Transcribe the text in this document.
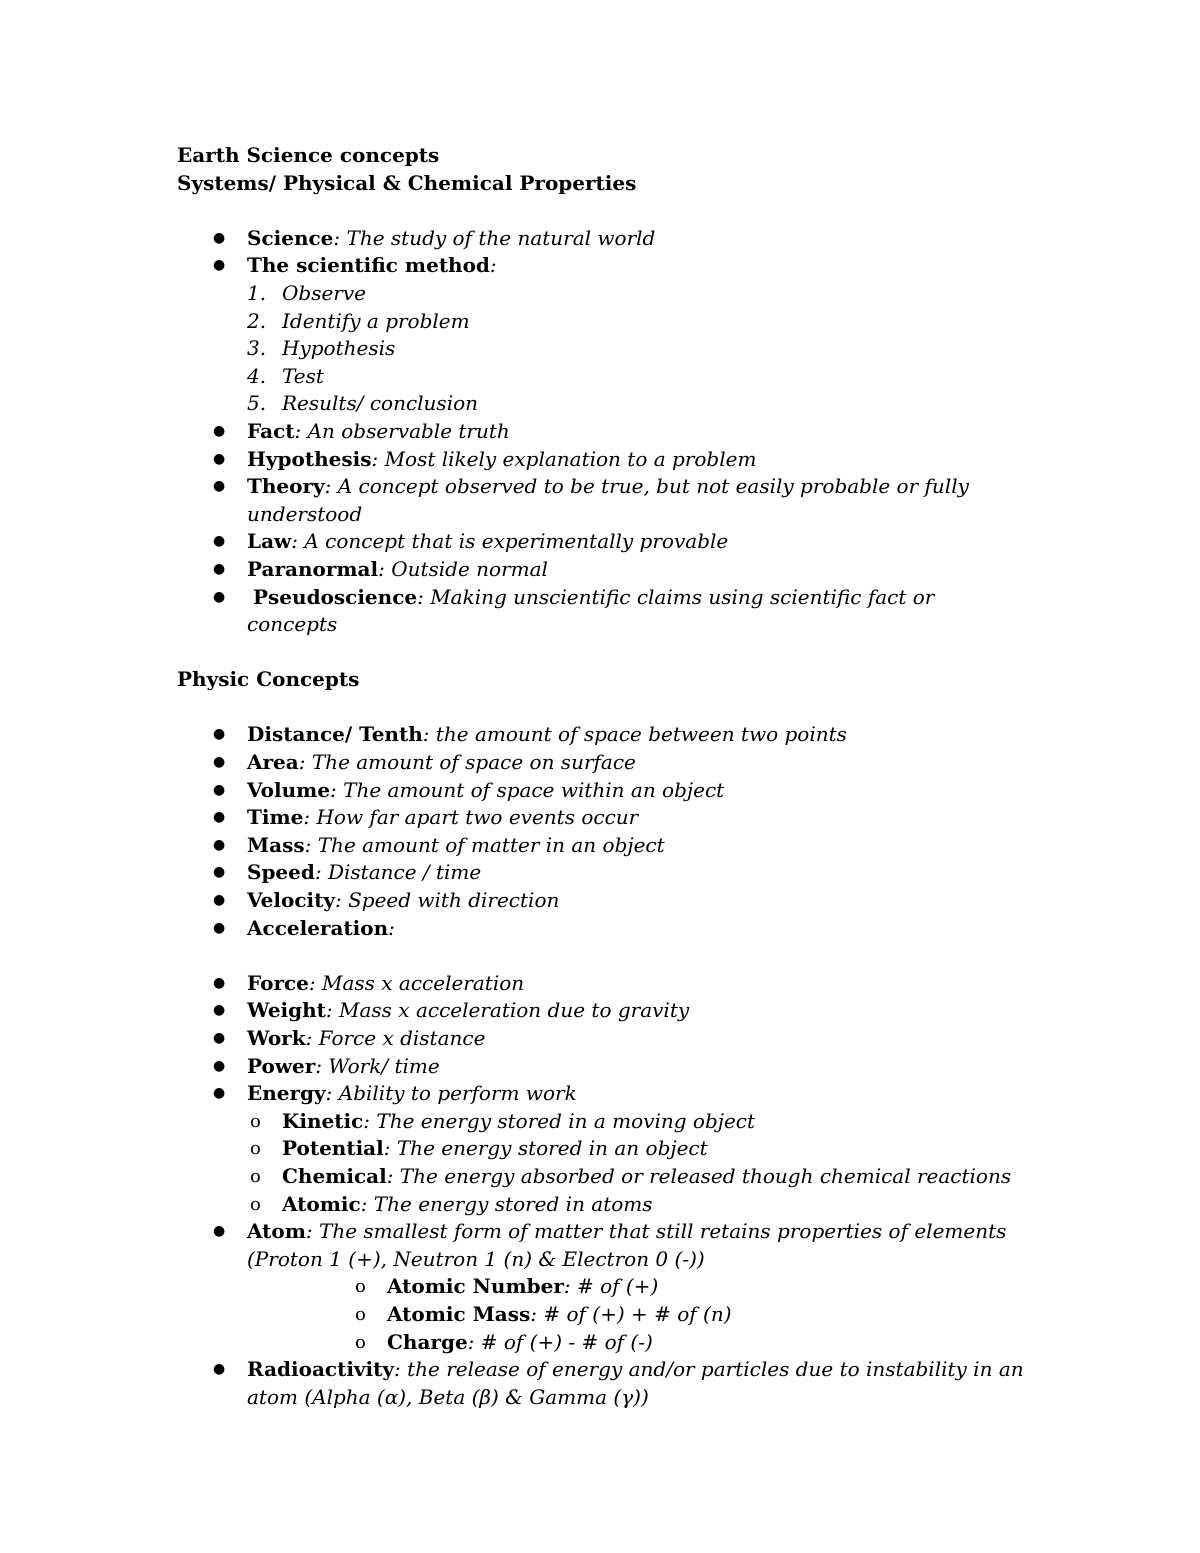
Earth Science concepts

Systems/ Physical & Chemical Properties

● Science: The study of the natural world
● The scientific method:
1. Observe
2. Identify a problem
3. Hypothesis
4. Test
5. Results/ conclusion
● Fact: An observable truth
● Hypothesis: Most likely explanation to a problem
● Theory: A concept observed to be true, but not easily probable or fully understood
● Law: A concept that is experimentally provable
● Paranormal: Outside normal
● Pseudoscience: Making unscientific claims using scientific fact or concepts

Physic Concepts

● Distance/ Tenth: the amount of space between two points
● Area: The amount of space on surface
● Volume: The amount of space within an object
● Time: How far apart two events occur
● Mass: The amount of matter in an object
● Speed: Distance / time
● Velocity: Speed with direction
● Acceleration:
● Force: Mass x acceleration
● Weight: Mass x acceleration due to gravity
● Work: Force x distance
● Power: Work/ time
● Energy: Ability to perform work
o Kinetic: The energy stored in a moving object
o Potential: The energy stored in an object
o Chemical: The energy absorbed or released though chemical reactions
o Atomic: The energy stored in atoms
● Atom: The smallest form of matter that still retains properties of elements (Proton 1 (+), Neutron 1 (n) & Electron 0 (-))
o Atomic Number: # of (+)
o Atomic Mass: # of (+) + # of (n)
o Charge: # of (+) - # of (-)
● Radioactivity: the release of energy and/or particles due to instability in an atom (Alpha (α), Beta (β) & Gamma (γ))
